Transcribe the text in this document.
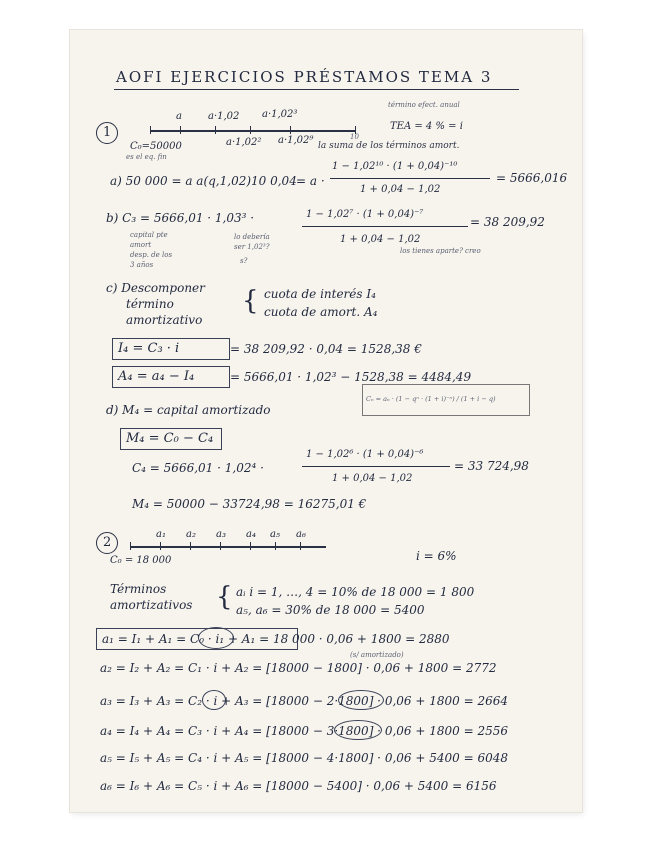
AOFI EJERCICIOS PRÉSTAMOS TEMA 3
1
a	a·1,02 a·1,02³
C₀=50000	a·1,02² a·1,02⁹	10
término efect. anual
TEA = 4 % = i
la suma de los términos amort.
es el eq. fin
a) 50 000 = a a(q,1,02)10 0,04 = a ·
1 − 1,02¹⁰ · (1 + 0,04)⁻¹⁰
1 + 0,04 − 1,02
= 5666,016
b) C₃ = 5666,01 · 1,03³ ·	1 − 1,02⁷ · (1 + 0,04)⁻⁷
1 + 0,04 − 1,02
= 38 209,92
capital pte
amort
desp. de los
3 años
lo debería
ser 1,02³?
s?
los tienes aparte? creo
c) Descomponer
término
amortizativo
{ cuota de interés I₄
cuota de amort. A₄
I₄ = C₃ · i	= 38 209,92 · 0,04 = 1528,38 €
A₄ = a₄ − I₄	= 5666,01 · 1,02³ − 1528,38 = 4484,49
Cₙ = aₙ · (1 − qⁿ · (1 + i)⁻ⁿ) / (1 + i − q)
d) M₄ = capital amortizado
M₄ = C₀ − C₄
C₄ = 5666,01 · 1,02⁴ ·
1 − 1,02⁶ · (1 + 0,04)⁻⁶
1 + 0,04 − 1,02
= 33 724,98
M₄ = 50000 − 33724,98 = 16275,01 €
2
a₁ a₂ a₃ a₄ a₅ a₆
C₀ = 18 000	i = 6%
Términos
amortizativos { aᵢ i = 1, …, 4 = 10% de 18 000 = 1 800
a₅, a₆ = 30% de 18 000 = 5400
a₁ = I₁ + A₁ = C₀ · i₁ + A₁ = 18 000 · 0,06 + 1800 = 2880
(s/ amortizado)
a₂ = I₂ + A₂ = C₁ · i + A₂ = [18000 − 1800] · 0,06 + 1800 = 2772
a₃ = I₃ + A₃ = C₂ · i + A₃ = [18000 − 2·1800] · 0,06 + 1800 = 2664
a₄ = I₄ + A₄ = C₃ · i + A₄ = [18000 − 3·1800] · 0,06 + 1800 = 2556
a₅ = I₅ + A₅ = C₄ · i + A₅ = [18000 − 4·1800] · 0,06 + 5400 = 6048
a₆ = I₆ + A₆ = C₅ · i + A₆ = [18000 − 5400] · 0,06 + 5400 = 6156
